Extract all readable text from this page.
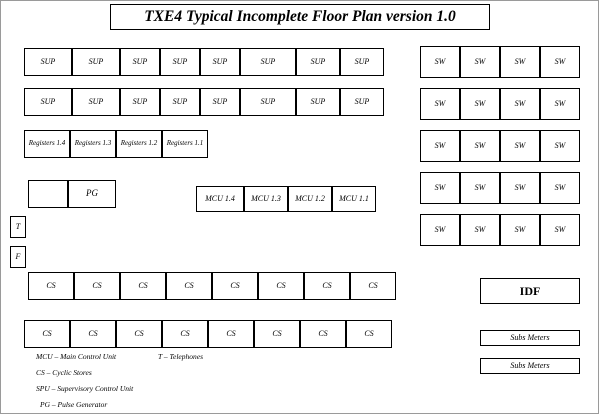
TXE4 Typical Incomplete Floor Plan version 1.0
SUP	SUP	SUP	SUP	SUP	SUP	SUP	SUP
SUP	SUP	SUP	SUP	SUP	SUP	SUP	SUP
Registers 1.4	Registers 1.3	Registers 1.2	Registers 1.1
PG
MCU 1.4	MCU 1.3	MCU 1.2	MCU 1.1
T
F
CS	CS	CS	CS	CS	CS	CS	CS
CS	CS	CS	CS	CS	CS	CS	CS
SW	SW	SW	SW
SW	SW	SW	SW
SW	SW	SW	SW
SW	SW	SW	SW
SW	SW	SW	SW
IDF
Subs Meters
Subs Meters
MCU – Main Control Unit
CS – Cyclic Stores
SPU – Supervisory Control Unit
PG – Pulse Generator
T – Telephones
